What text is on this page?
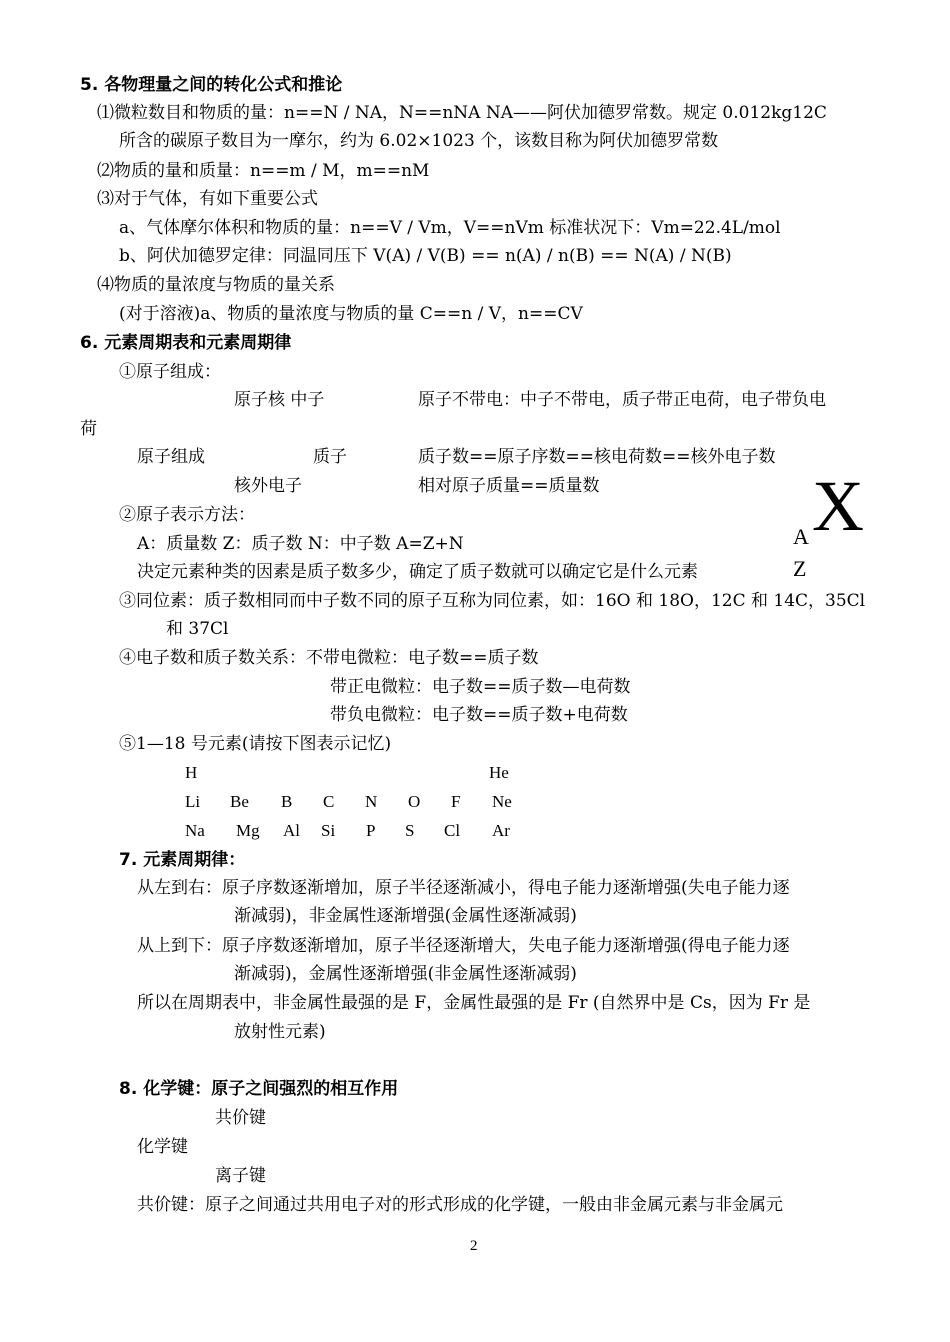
5. 各物理量之间的转化公式和推论
⑴微粒数目和物质的量：n==N / NA，N==nNA NA——阿伏加德罗常数。规定 0.012kg12C
所含的碳原子数目为一摩尔，约为 6.02×1023 个，该数目称为阿伏加德罗常数
⑵物质的量和质量：n==m / M，m==nM
⑶对于气体，有如下重要公式
a、气体摩尔体积和物质的量：n==V / Vm，V==nVm 标准状况下：Vm=22.4L/mol
b、阿伏加德罗定律：同温同压下 V(A) / V(B) == n(A) / n(B) == N(A) / N(B)
⑷物质的量浓度与物质的量关系
(对于溶液)a、物质的量浓度与物质的量 C==n / V，n==CV
6. 元素周期表和元素周期律
①原子组成：
原子核 中子	原子不带电：中子不带电，质子带正电荷，电子带负电
荷
原子组成	质子	质子数==原子序数==核电荷数==核外电子数
核外电子	相对原子质量==质量数
②原子表示方法：
A：质量数 Z：质子数 N：中子数 A=Z+N
决定元素种类的因素是质子数多少，确定了质子数就可以确定它是什么元素
③同位素：质子数相同而中子数不同的原子互称为同位素，如：16O 和 18O，12C 和 14C，35Cl
和 37Cl
④电子数和质子数关系：不带电微粒：电子数==质子数
带正电微粒：电子数==质子数—电荷数
带负电微粒：电子数==质子数+电荷数
⑤1—18 号元素(请按下图表示记忆)
7. 元素周期律：
从左到右：原子序数逐渐增加，原子半径逐渐减小，得电子能力逐渐增强(失电子能力逐
渐减弱)，非金属性逐渐增强(金属性逐渐减弱)
从上到下：原子序数逐渐增加，原子半径逐渐增大，失电子能力逐渐增强(得电子能力逐
渐减弱)，金属性逐渐增强(非金属性逐渐减弱)
所以在周期表中，非金属性最强的是 F，金属性最强的是 Fr (自然界中是 Cs，因为 Fr 是
放射性元素)
8. 化学键：原子之间强烈的相互作用
共价键
化学键
离子键
共价键：原子之间通过共用电子对的形式形成的化学键，一般由非金属元素与非金属元
H	He
Li	Be	B	C	N	O	F	Ne
Na	Mg	Al	Si	P	S	Cl	Ar
X
A
Z
2
